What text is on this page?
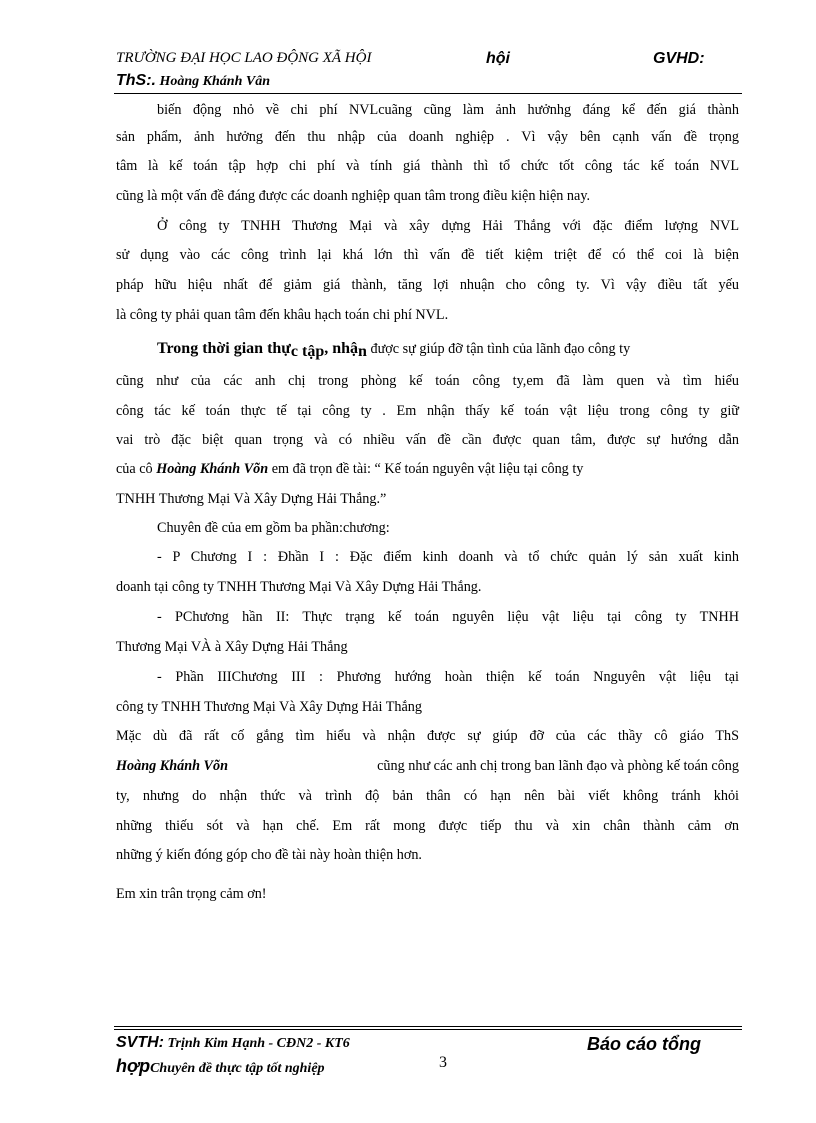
TRƯỜNG ĐẠI HỌC LAO ĐỘNG XÃ HỘI	hội	GVHD:
ThS:. Hoàng Khánh Vân
biến động nhỏ về chi phí NVLcuãng cũng làm ảnh hưởnhg đáng kể đến giá thành
sản phẩm, ảnh hưởng đến thu nhập của doanh nghiệp . Vì vậy bên cạnh vấn đề trọng
tâm là kế toán tập hợp chi phí và tính giá thành thì tổ chức tốt công tác kế toán NVL
cũng là một vấn đề đáng được các doanh nghiệp quan tâm trong điều kiện hiện nay.
Ở công ty TNHH Thương Mại và xây dựng Hải Thắng với đặc điểm lượng NVL
sử dụng vào các công trình lại khá lớn thì vấn đề tiết kiệm triệt để có thể coi là biện
pháp hữu hiệu nhất để giảm giá thành, tăng lợi nhuận cho công ty. Vì vậy điều tất yếu
là công ty phải quan tâm đến khâu hạch toán chi phí NVL.
Trong thời gian thực tập, nhận được sự giúp đỡ tận tình của lãnh đạo công ty
cũng như của các anh chị trong phòng kế toán công ty,em đã làm quen và tìm hiểu
công tác kế toán thực tế tại công ty . Em nhận thấy kế toán vật liệu trong công ty giữ
vai trò đặc biệt quan trọng và có nhiều vấn đề cần được quan tâm, được sự hướng dẫn
của cô Hoàng Khánh Võn em đã trọn đề tài: “ Kế toán nguyên vật liệu tại công ty
TNHH Thương Mại Và Xây Dựng Hải Thắng.”
Chuyên đề của em gồm ba phần:chương:
- P Chương I : Đhần I : Đặc điểm kinh doanh và tổ chức quản lý sản xuất kinh
doanh tại công ty TNHH Thương Mại Và Xây Dựng Hải Thắng.
- PChương hần II: Thực trạng kế toán nguyên liệu vật liệu tại công ty TNHH
Thương Mại VÀ à Xây Dựng Hải Thắng
- Phần IIIChương III : Phương hướng hoàn thiện kế toán Nnguyên vật liệu tại
công ty TNHH Thương Mại Và Xây Dựng Hải Thắng
Mặc dù đã rất cố gắng tìm hiểu và nhận được sự giúp đỡ của các thầy cô giáo ThS
Hoàng Khánh Võn	cũng như các anh chị trong ban lãnh đạo và phòng kế toán công
ty, nhưng do nhận thức và trình độ bản thân có hạn nên bài viết không tránh khỏi
những thiếu sót và hạn chế. Em rất mong được tiếp thu và xin chân thành cảm ơn
những ý kiến đóng góp cho đề tài này hoàn thiện hơn.
Em xin trân trọng cảm ơn!
SVTH: Trịnh Kim Hạnh - CĐN2 - KT6	Báo cáo tổng
hợpChuyên đề thực tập tốt nghiệp	3
